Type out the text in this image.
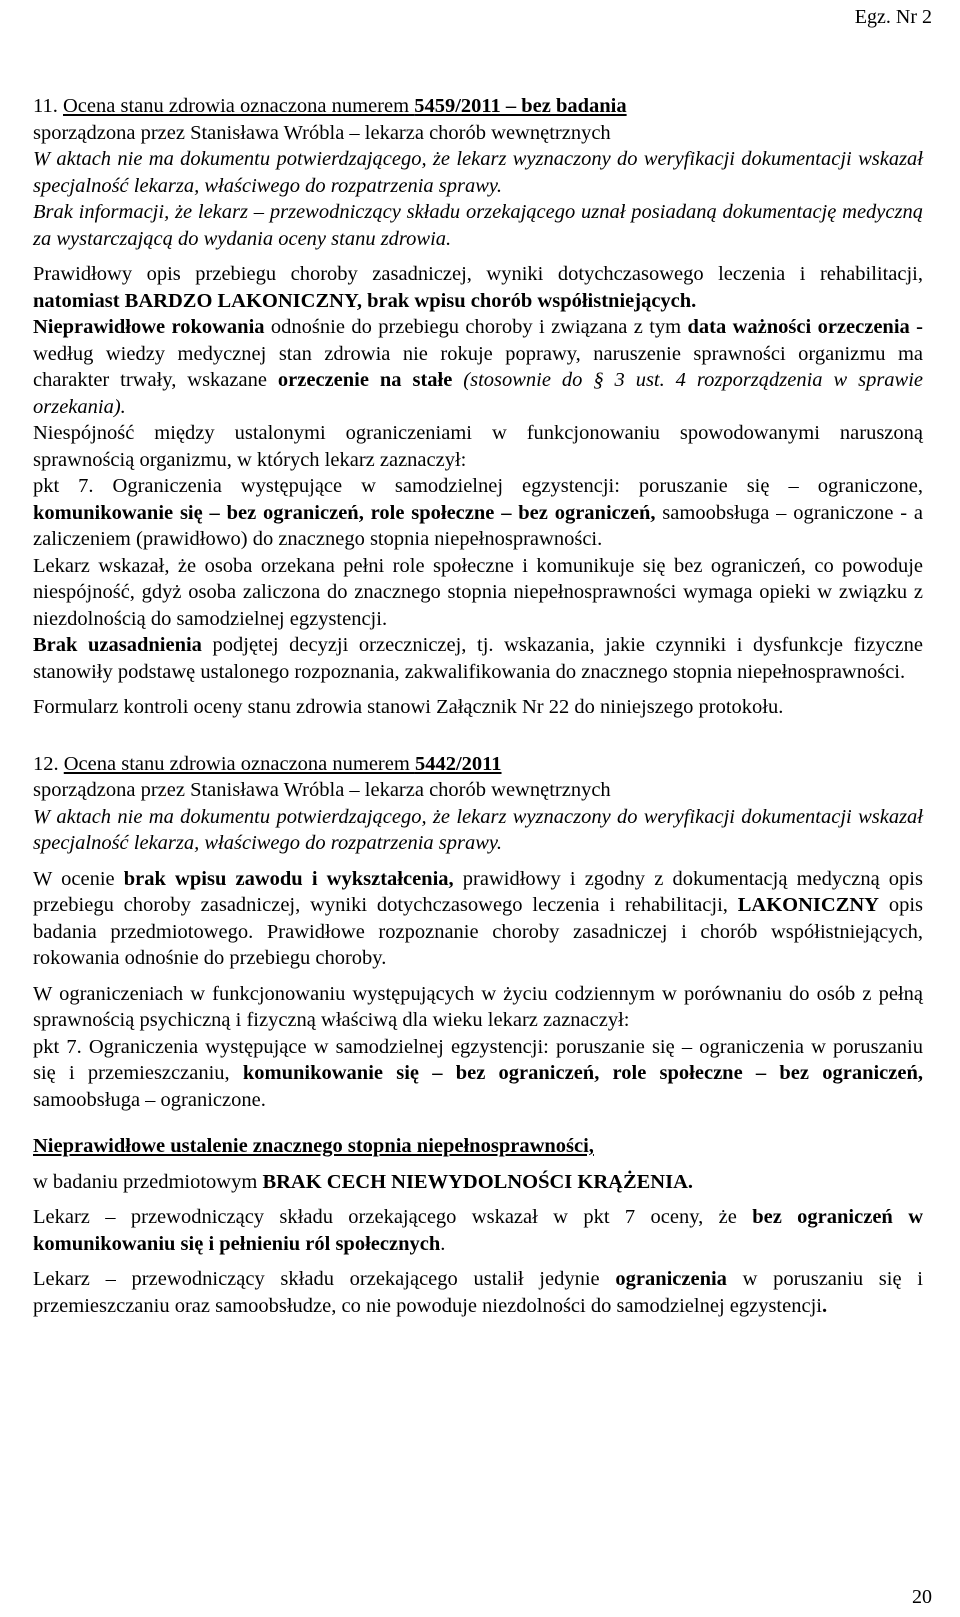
Egz. Nr 2

11. Ocena stanu zdrowia oznaczona numerem 5459/2011 – bez badania

sporządzona przez Stanisława Wróbla – lekarza chorób wewnętrznych

W aktach nie ma dokumentu potwierdzającego, że lekarz wyznaczony do weryfikacji dokumentacji wskazał specjalność lekarza, właściwego do rozpatrzenia sprawy.

Brak informacji, że lekarz – przewodniczący składu orzekającego uznał posiadaną dokumentację medyczną za wystarczającą do wydania oceny stanu zdrowia.

Prawidłowy opis przebiegu choroby zasadniczej, wyniki dotychczasowego leczenia i rehabilitacji, natomiast BARDZO LAKONICZNY, brak wpisu chorób współistniejących.

Nieprawidłowe rokowania odnośnie do przebiegu choroby i związana z tym data ważności orzeczenia - według wiedzy medycznej stan zdrowia nie rokuje poprawy, naruszenie sprawności organizmu ma charakter trwały, wskazane orzeczenie na stałe (stosownie do § 3 ust. 4 rozporządzenia w sprawie orzekania).

Niespójność między ustalonymi ograniczeniami w funkcjonowaniu spowodowanymi naruszoną sprawnością organizmu, w których lekarz zaznaczył:

pkt 7. Ograniczenia występujące w samodzielnej egzystencji: poruszanie się – ograniczone, komunikowanie się – bez ograniczeń, role społeczne – bez ograniczeń, samoobsługa – ograniczone - a zaliczeniem (prawidłowo) do znacznego stopnia niepełnosprawności.

Lekarz wskazał, że osoba orzekana pełni role społeczne i komunikuje się bez ograniczeń, co powoduje niespójność, gdyż osoba zaliczona do znacznego stopnia niepełnosprawności wymaga opieki w związku z niezdolnością do samodzielnej egzystencji.

Brak uzasadnienia podjętej decyzji orzeczniczej, tj. wskazania, jakie czynniki i dysfunkcje fizyczne stanowiły podstawę ustalonego rozpoznania, zakwalifikowania do znacznego stopnia niepełnosprawności.

Formularz kontroli oceny stanu zdrowia stanowi Załącznik Nr 22 do niniejszego protokołu.

12. Ocena stanu zdrowia oznaczona numerem 5442/2011

sporządzona przez Stanisława Wróbla – lekarza chorób wewnętrznych

W aktach nie ma dokumentu potwierdzającego, że lekarz wyznaczony do weryfikacji dokumentacji wskazał specjalność lekarza, właściwego do rozpatrzenia sprawy.

W ocenie brak wpisu zawodu i wykształcenia, prawidłowy i zgodny z dokumentacją medyczną opis przebiegu choroby zasadniczej, wyniki dotychczasowego leczenia i rehabilitacji, LAKONICZNY opis badania przedmiotowego. Prawidłowe rozpoznanie choroby zasadniczej i chorób współistniejących, rokowania odnośnie do przebiegu choroby.

W ograniczeniach w funkcjonowaniu występujących w życiu codziennym w porównaniu do osób z pełną sprawnością psychiczną i fizyczną właściwą dla wieku lekarz zaznaczył:

pkt 7. Ograniczenia występujące w samodzielnej egzystencji: poruszanie się – ograniczenia w poruszaniu się i przemieszczaniu, komunikowanie się – bez ograniczeń, role społeczne – bez ograniczeń, samoobsługa – ograniczone.

Nieprawidłowe ustalenie znacznego stopnia niepełnosprawności,

w badaniu przedmiotowym BRAK CECH NIEWYDOLNOŚCI KRĄŻENIA.

Lekarz – przewodniczący składu orzekającego wskazał w pkt 7 oceny, że bez ograniczeń w komunikowaniu się i pełnieniu ról społecznych.

Lekarz – przewodniczący składu orzekającego ustalił jedynie ograniczenia w poruszaniu się i przemieszczaniu oraz samoobsłudze, co nie powoduje niezdolności do samodzielnej egzystencji.

20
